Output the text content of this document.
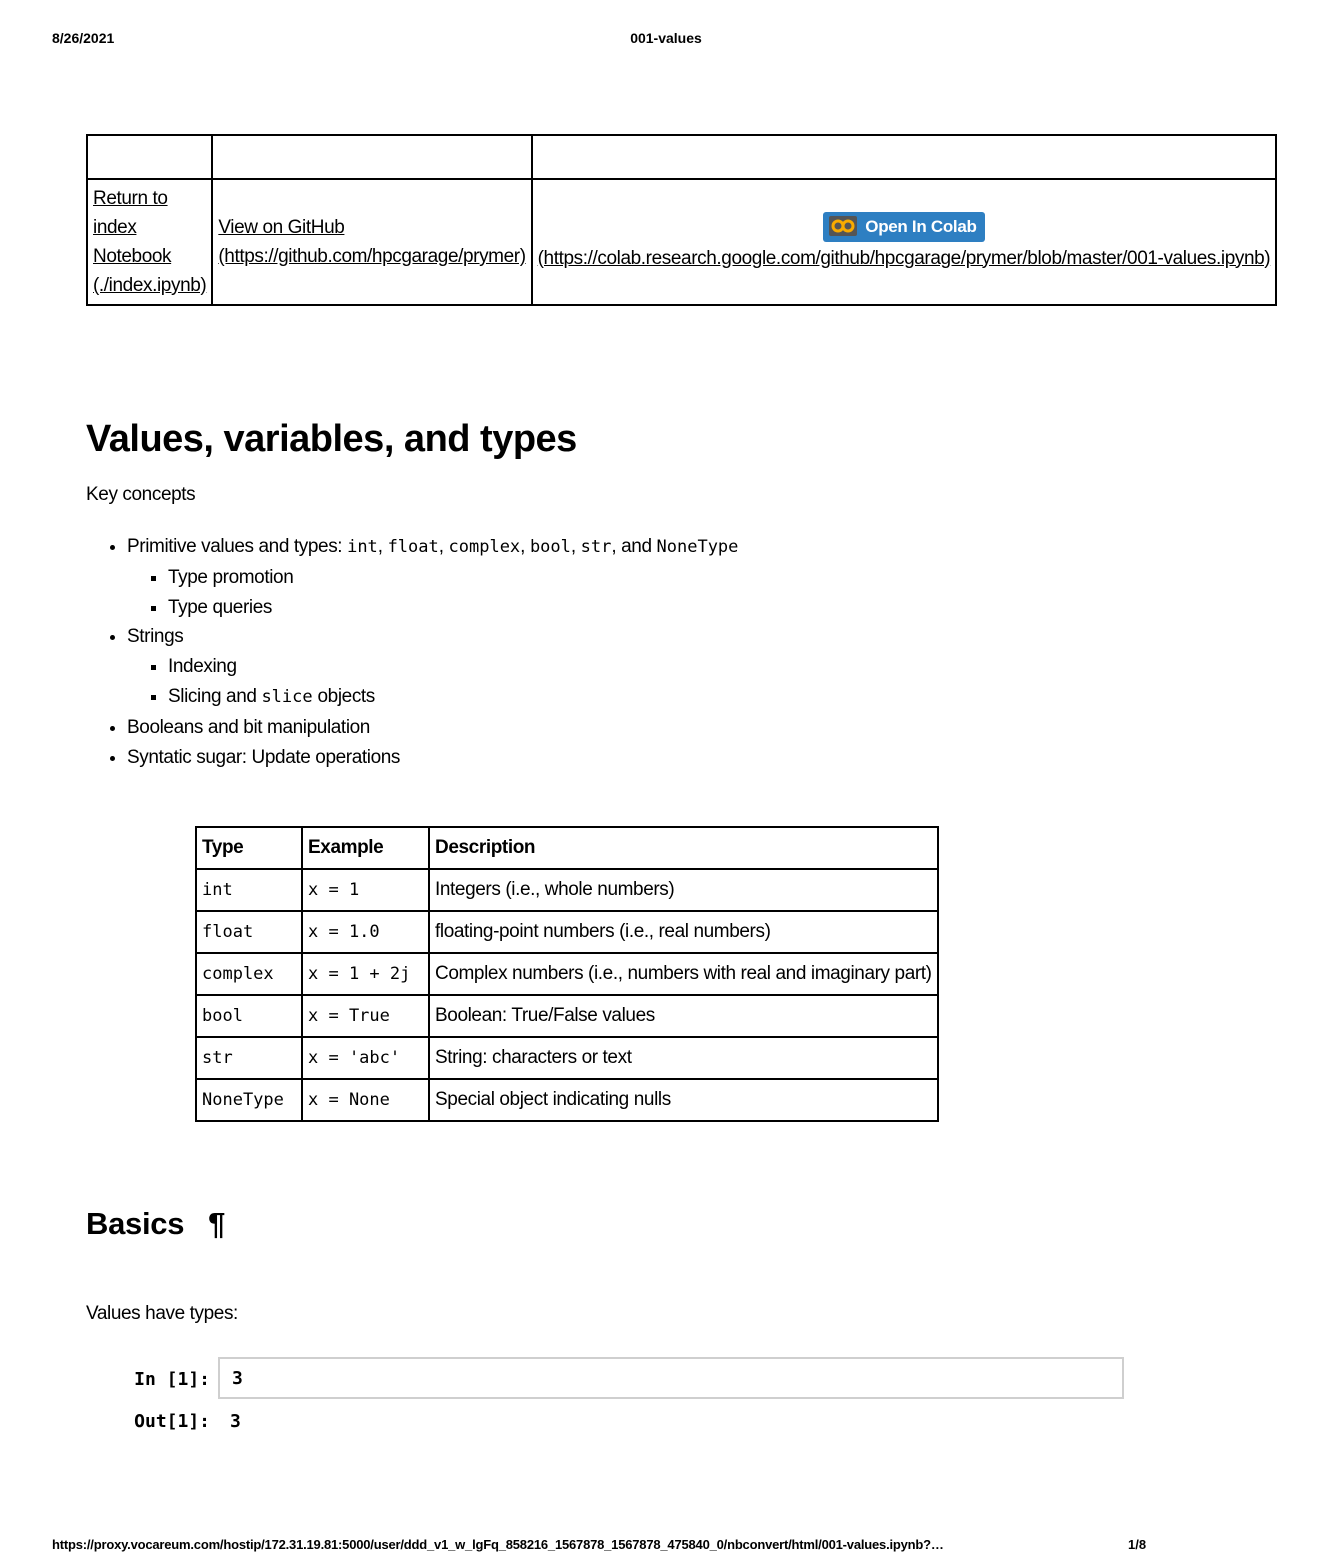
8/26/2021	001-values

Return to index Notebook (./index.ipynb)	View on GitHub (https://github.com/hpcgarage/prymer)	Open In Colab
(https://colab.research.google.com/github/hpcgarage/prymer/blob/master/001-values.ipynb)
Values, variables, and types
Key concepts
• Primitive values and types: int, float, complex, bool, str, and NoneType
▪ Type promotion
▪ Type queries
• Strings
▪ Indexing
▪ Slicing and slice objects
• Booleans and bit manipulation
• Syntatic sugar: Update operations
Type	Example	Description
int	x = 1	Integers (i.e., whole numbers)
float	x = 1.0	floating-point numbers (i.e., real numbers)
complex	x = 1 + 2j	Complex numbers (i.e., numbers with real and imaginary part)
bool	x = True	Boolean: True/False values
str	x = 'abc'	String: characters or text
NoneType	x = None	Special object indicating nulls
Basics ¶
Values have types:
In [1]:	3
Out[1]: 3
https://proxy.vocareum.com/hostip/172.31.19.81:5000/user/ddd_v1_w_lgFq_858216_1567878_1567878_475840_0/nbconvert/html/001-values.ipynb?…	1/8
